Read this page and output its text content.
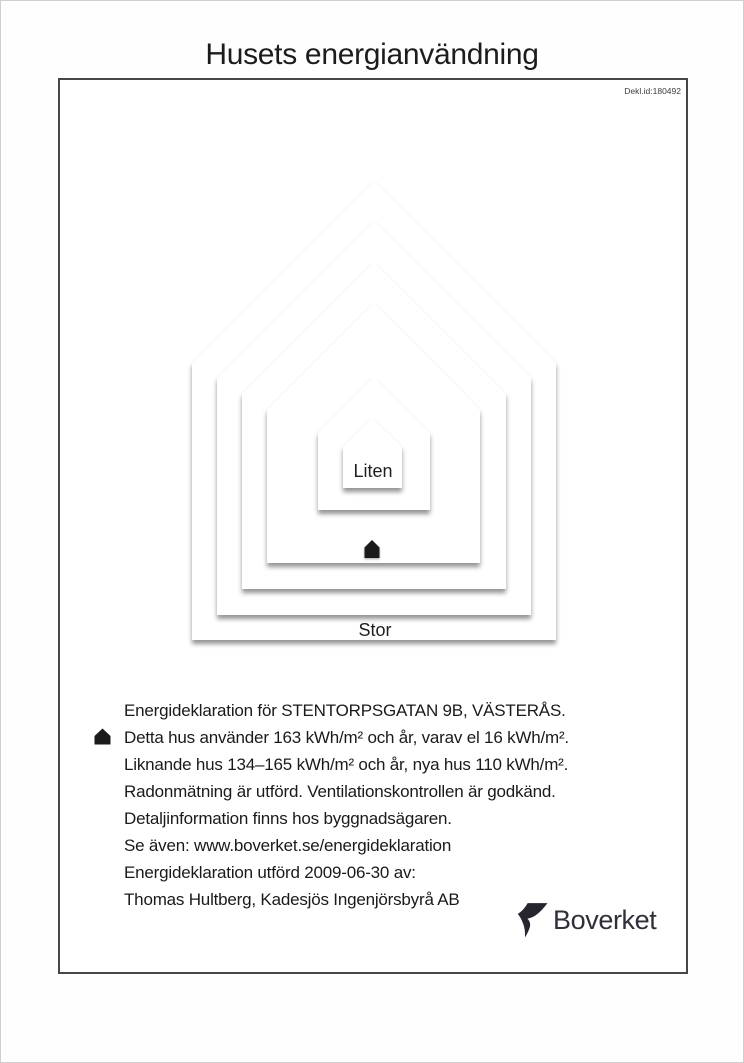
Dekl.id:180492
Husets energianvändning
Liten
Stor
Energideklaration för STENTORPSGATAN 9B, VÄSTERÅS.
Detta hus använder 163 kWh/m² och år, varav el 16 kWh/m².
Liknande hus 134–165 kWh/m² och år, nya hus 110 kWh/m².
Radonmätning är utförd. Ventilationskontrollen är godkänd.
Detaljinformation finns hos byggnadsägaren.
Se även: www.boverket.se/energideklaration
Energideklaration utförd 2009-06-30 av:
Thomas Hultberg, Kadesjös Ingenjörsbyrå AB
Boverket
